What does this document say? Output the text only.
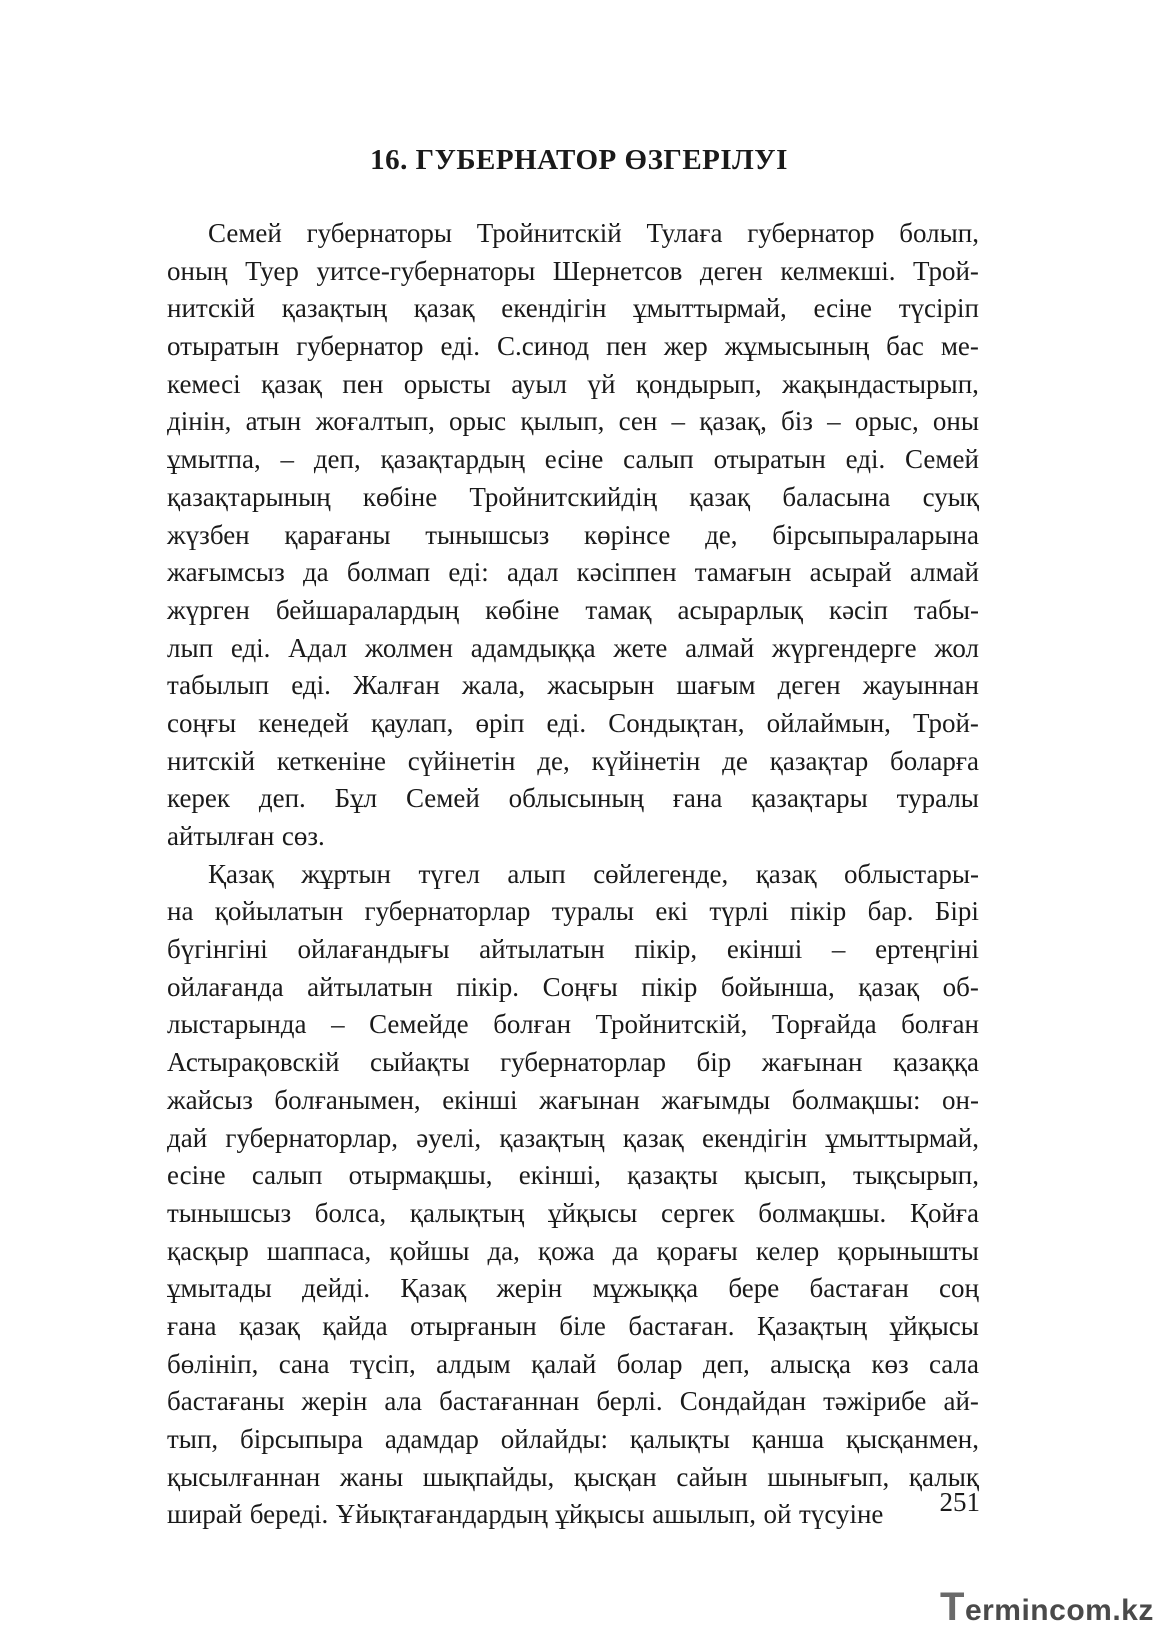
16. ГУБЕРНАТОР ӨЗГЕРІЛУІ
Семей губернаторы Тройнитскій Тулаға губернатор болып,
оның Туер уитсе-губернаторы Шернетсов деген келмекші. Трой-
нитскій қазақтың қазақ екендігін ұмыттырмай, есіне түсіріп
отыратын губернатор еді. С.синод пен жер жұмысының бас ме-
кемесі қазақ пен орысты ауыл үй қондырып, жақындастырып,
дінін, атын жоғалтып, орыс қылып, сен – қазақ, біз – орыс, оны
ұмытпа, – деп, қазақтардың есіне салып отыратын еді. Семей
қазақтарының көбіне Тройнитскийдің қазақ баласына суық
жүзбен қарағаны тынышсыз көрінсе де, бірсыпыраларына
жағымсыз да болмап еді: адал кәсіппен тамағын асырай алмай
жүрген бейшаралардың көбіне тамақ асырарлық кәсіп табы-
лып еді. Адал жолмен адамдыққа жете алмай жүргендерге жол
табылып еді. Жалған жала, жасырын шағым деген жауыннан
соңғы кенедей қаулап, өріп еді. Сондықтан, ойлаймын, Трой-
нитскій кеткеніне сүйінетін де, күйінетін де қазақтар боларға
керек деп. Бұл Семей облысының ғана қазақтары туралы
айтылған сөз.
Қазақ жұртын түгел алып сөйлегенде, қазақ облыстары-
на қойылатын губернаторлар туралы екі түрлі пікір бар. Бірі
бүгінгіні ойлағандығы айтылатын пікір, екінші – ертеңгіні
ойлағанда айтылатын пікір. Соңғы пікір бойынша, қазақ об-
лыстарында – Семейде болған Тройнитскій, Торғайда болған
Астырақовскій сыйақты губернаторлар бір жағынан қазаққа
жайсыз болғанымен, екінші жағынан жағымды болмақшы: он-
дай губернаторлар, әуелі, қазақтың қазақ екендігін ұмыттырмай,
есіне салып отырмақшы, екінші, қазақты қысып, тықсырып,
тынышсыз болса, қалықтың ұйқысы сергек болмақшы. Қойға
қасқыр шаппаса, қойшы да, қожа да қорағы келер қорынышты
ұмытады дейді. Қазақ жерін мұжыққа бере бастаған соң
ғана қазақ қайда отырғанын біле бастаған. Қазақтың ұйқысы
бөлініп, сана түсіп, алдым қалай болар деп, алысқа көз сала
бастағаны жерін ала бастағаннан берлі. Сондайдан тәжірибе ай-
тып, бірсыпыра адамдар ойлайды: қалықты қанша қысқанмен,
қысылғаннан жаны шықпайды, қысқан сайын шынығып, қалық
ширай береді. Ұйықтағандардың ұйқысы ашылып, ой түсуіне 251
Termincom.kz
